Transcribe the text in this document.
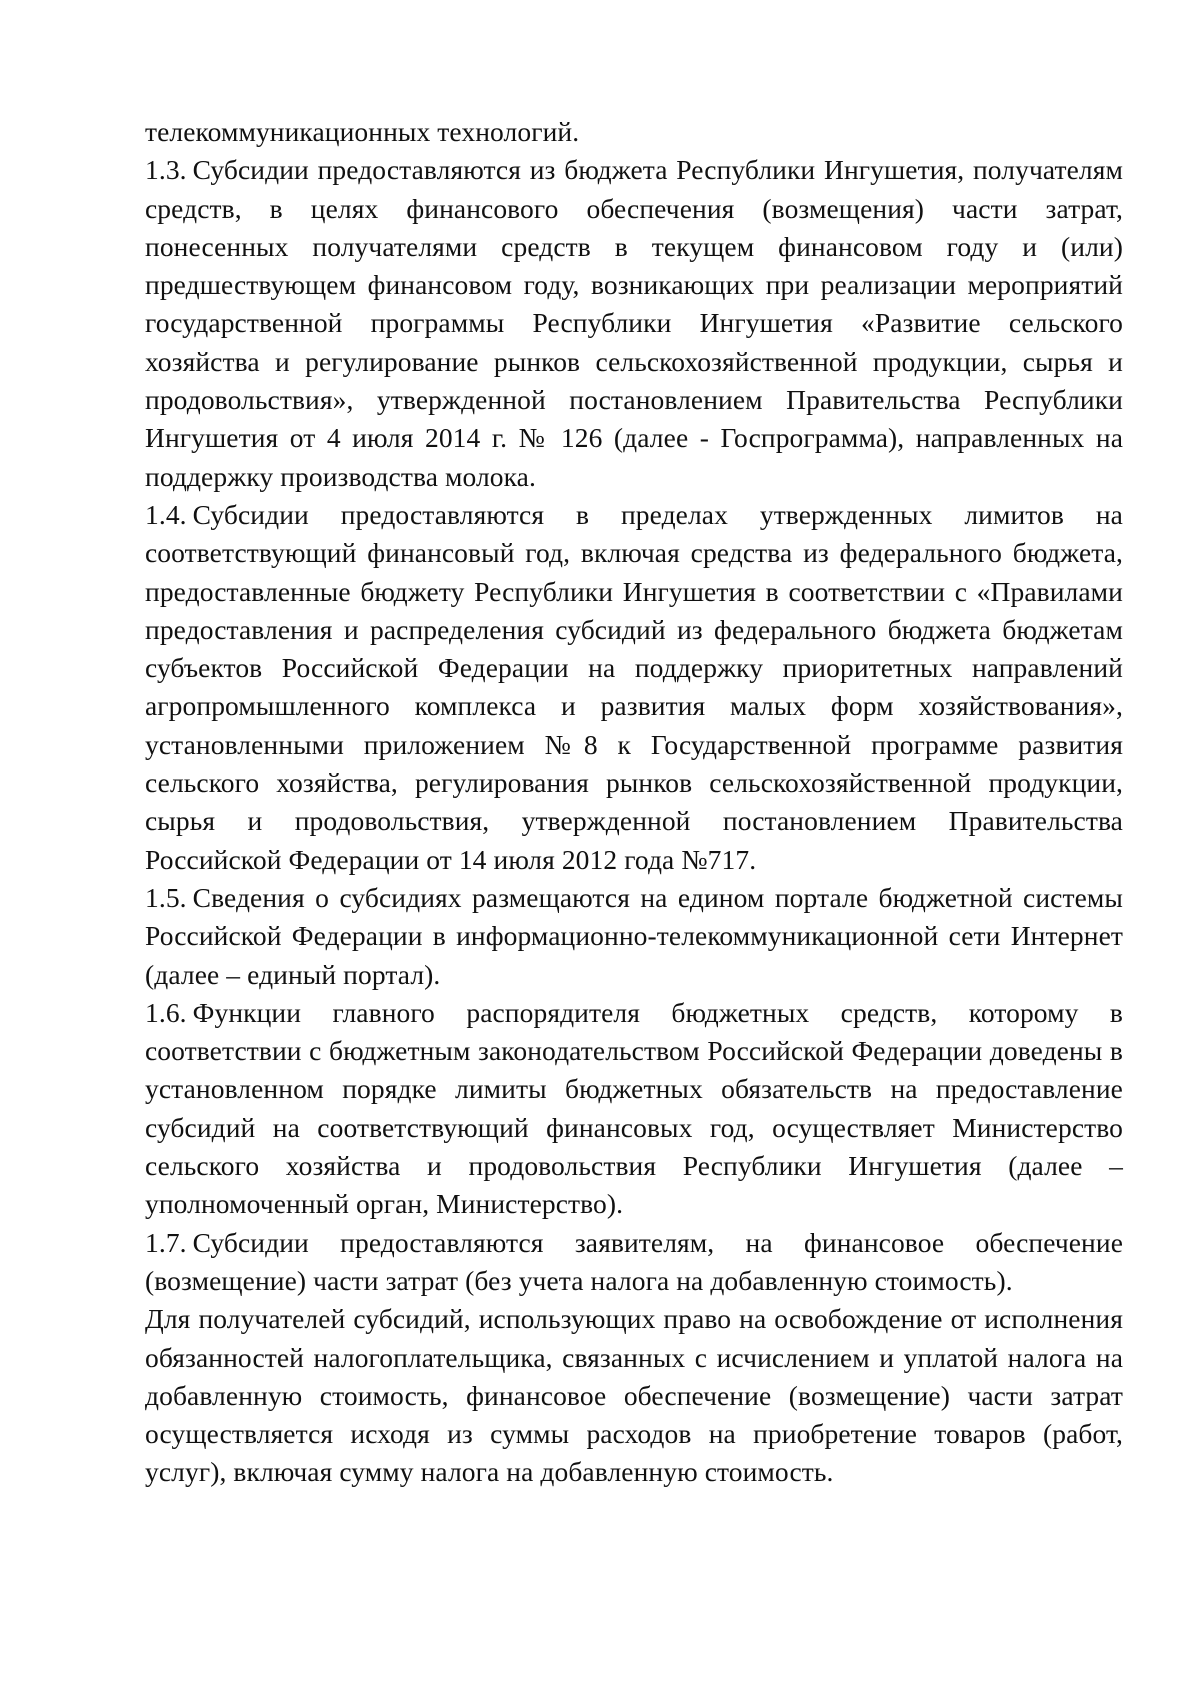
телекоммуникационных технологий.

1.3. Субсидии предоставляются из бюджета Республики Ингушетия, получателям средств, в целях финансового обеспечения (возмещения) части затрат, понесенных получателями средств в текущем финансовом году и (или) предшествующем финансовом году, возникающих при реализации мероприятий государственной программы Республики Ингушетия «Развитие сельского хозяйства и регулирование рынков сельскохозяйственной продукции, сырья и продовольствия», утвержденной постановлением Правительства Республики Ингушетия от 4 июля 2014 г. № 126 (далее - Госпрограмма), направленных на поддержку производства молока.

1.4. Субсидии предоставляются в пределах утвержденных лимитов на соответствующий финансовый год, включая средства из федерального бюджета, предоставленные бюджету Республики Ингушетия в соответствии с «Правилами предоставления и распределения субсидий из федерального бюджета бюджетам субъектов Российской Федерации на поддержку приоритетных направлений агропромышленного комплекса и развития малых форм хозяйствования», установленными приложением №8 к Государственной программе развития сельского хозяйства, регулирования рынков сельскохозяйственной продукции, сырья и продовольствия, утвержденной постановлением Правительства Российской Федерации от 14 июля 2012 года №717.

1.5. Сведения о субсидиях размещаются на едином портале бюджетной системы Российской Федерации в информационно-телекоммуникационной сети Интернет (далее – единый портал).

1.6. Функции главного распорядителя бюджетных средств, которому в соответствии с бюджетным законодательством Российской Федерации доведены в установленном порядке лимиты бюджетных обязательств на предоставление субсидий на соответствующий финансовых год, осуществляет Министерство сельского хозяйства и продовольствия Республики Ингушетия (далее – уполномоченный орган, Министерство).

1.7. Субсидии предоставляются заявителям, на финансовое обеспечение (возмещение) части затрат (без учета налога на добавленную стоимость).

Для получателей субсидий, использующих право на освобождение от исполнения обязанностей налогоплательщика, связанных с исчислением и уплатой налога на добавленную стоимость, финансовое обеспечение (возмещение) части затрат осуществляется исходя из суммы расходов на приобретение товаров (работ, услуг), включая сумму налога на добавленную стоимость.
